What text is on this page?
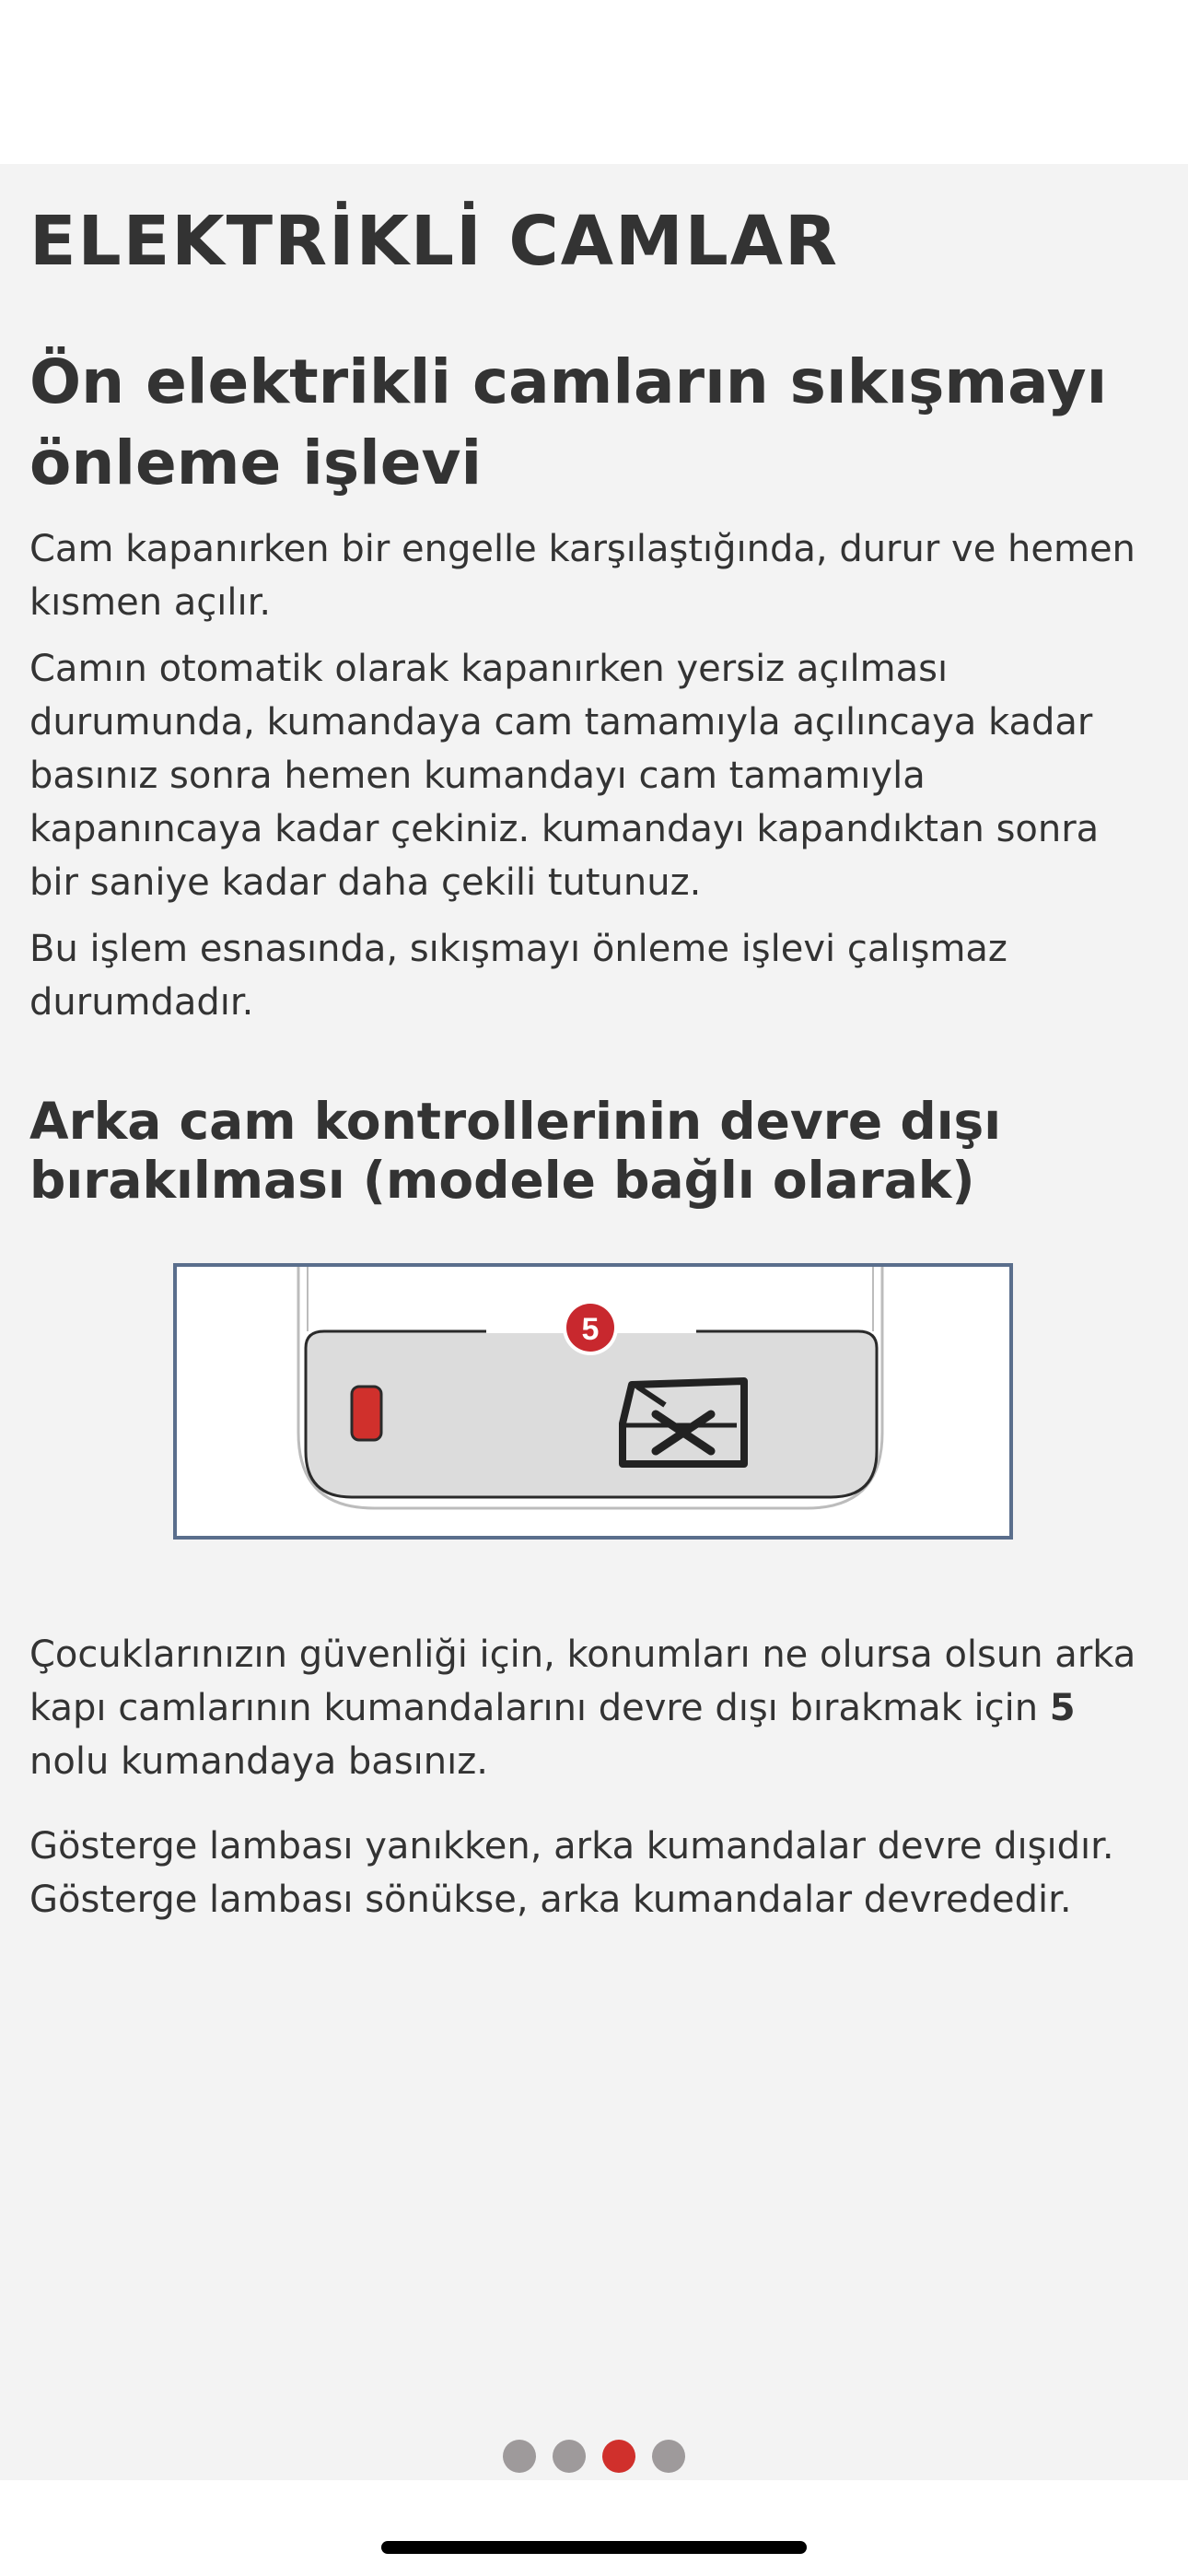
ELEKTRİKLİ CAMLAR
Ön elektrikli camların sıkışmayı önleme işlevi

Cam kapanırken bir engelle karşılaştığında, durur ve hemen kısmen açılır.

Camın otomatik olarak kapanırken yersiz açılması durumunda, kumandaya cam tamamıyla açılıncaya kadar basınız sonra hemen kumandayı cam tamamıyla kapanıncaya kadar çekiniz. kumandayı kapandıktan sonra bir saniye kadar daha çekili tutunuz.

Bu işlem esnasında, sıkışmayı önleme işlevi çalışmaz durumdadır.

Arka cam kontrollerinin devre dışı bırakılması (modele bağlı olarak)
5

Çocuklarınızın güvenliği için, konumları ne olursa olsun arka kapı camlarının kumandalarını devre dışı bırakmak için 5 nolu kumandaya basınız.

Gösterge lambası yanıkken, arka kumandalar devre dışıdır.
Gösterge lambası sönükse, arka kumandalar devrededir.
